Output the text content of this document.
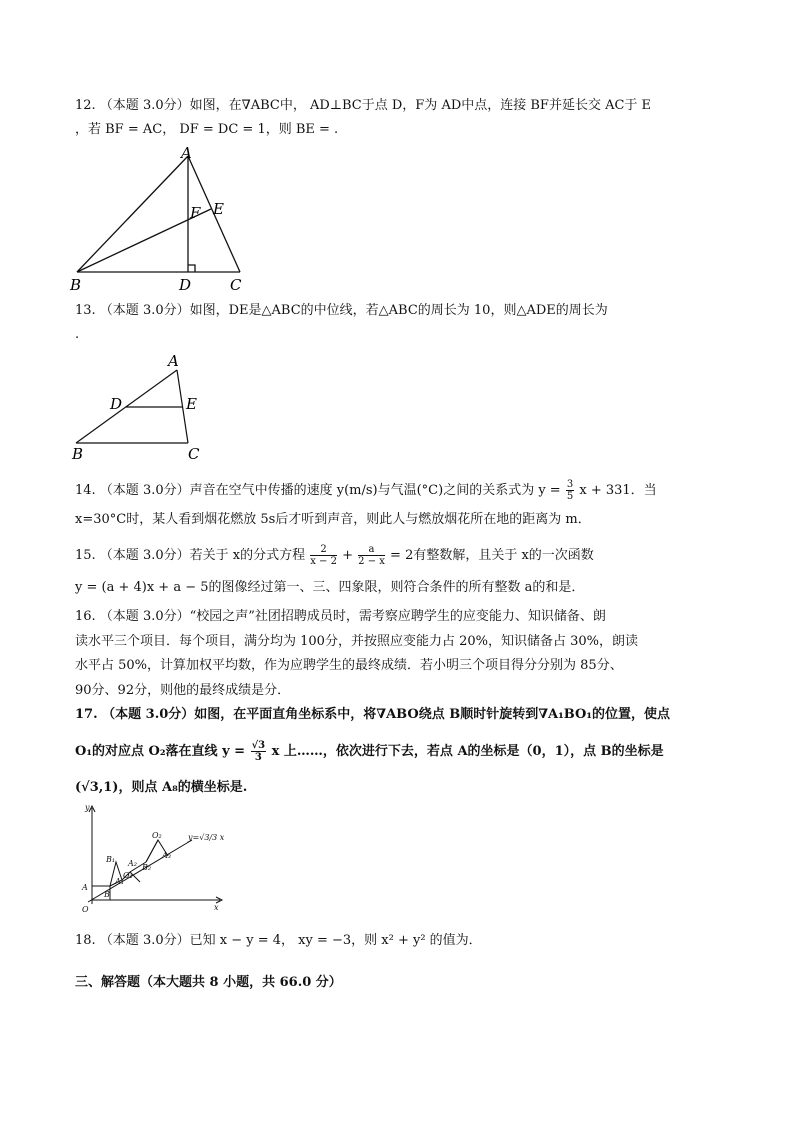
12. （本题 3.0分）如图，在∇ABC中， AD⊥BC于点 D，F为 AD中点，连接 BF并延长交 AC于 E
，若 BF = AC， DF = DC = 1，则 BE = .
A
B	C
D
E
F
13. （本题 3.0分）如图，DE是△ABC的中位线，若△ABC的周长为 10，则△ADE的周长为
.
A
B	C
D	E
14. （本题 3.0分）声音在空气中传播的速度 y(m/s)与气温(°C)之间的关系式为 $y = \frac{3}{5}$ x + 331．当
x=30°C时，某人看到烟花燃放 5s后才听到声音，则此人与燃放烟花所在地的距离为 m．
15. （本题 3.0分）若关于 x的分式方程 $\frac{2}{x - 2} + \frac{a}{2 - x} = 2$有整数解，且关于 x的一次函数
y = (a + 4)x + a − 5的图像经过第一、三、四象限，则符合条件的所有整数 a的和是．
16. （本题 3.0分）“校园之声”社团招聘成员时，需考察应聘学生的应变能力、知识储备、朗
读水平三个项目．每个项目，满分均为 100分，并按照应变能力占 20%，知识储备占 30%，朗读
水平占 50%，计算加权平均数，作为应聘学生的最终成绩．若小明三个项目得分分别为 85分、
90分、92分，则他的最终成绩是分．
17. （本题 3.0分）如图，在平面直角坐标系中，将∇ABO绕点 B顺时针旋转到∇A₁BO₁的位置，使点
O₁的对应点 O₂落在直线 $y = \frac{√3}{3}$ x 上……，依次进行下去，若点 A的坐标是（0，1），点 B的坐标是
(√3,1)，则点 A₈的横坐标是.
y
x
O
A
B
B₁
A₁
O₁
A₂ B₂
O₂
A₃
y=√3/3 x
18. （本题 3.0分）已知 x − y = 4， xy = −3，则 x² + y² 的值为．
三、解答题（本大题共 8 小题，共 66.0 分）
